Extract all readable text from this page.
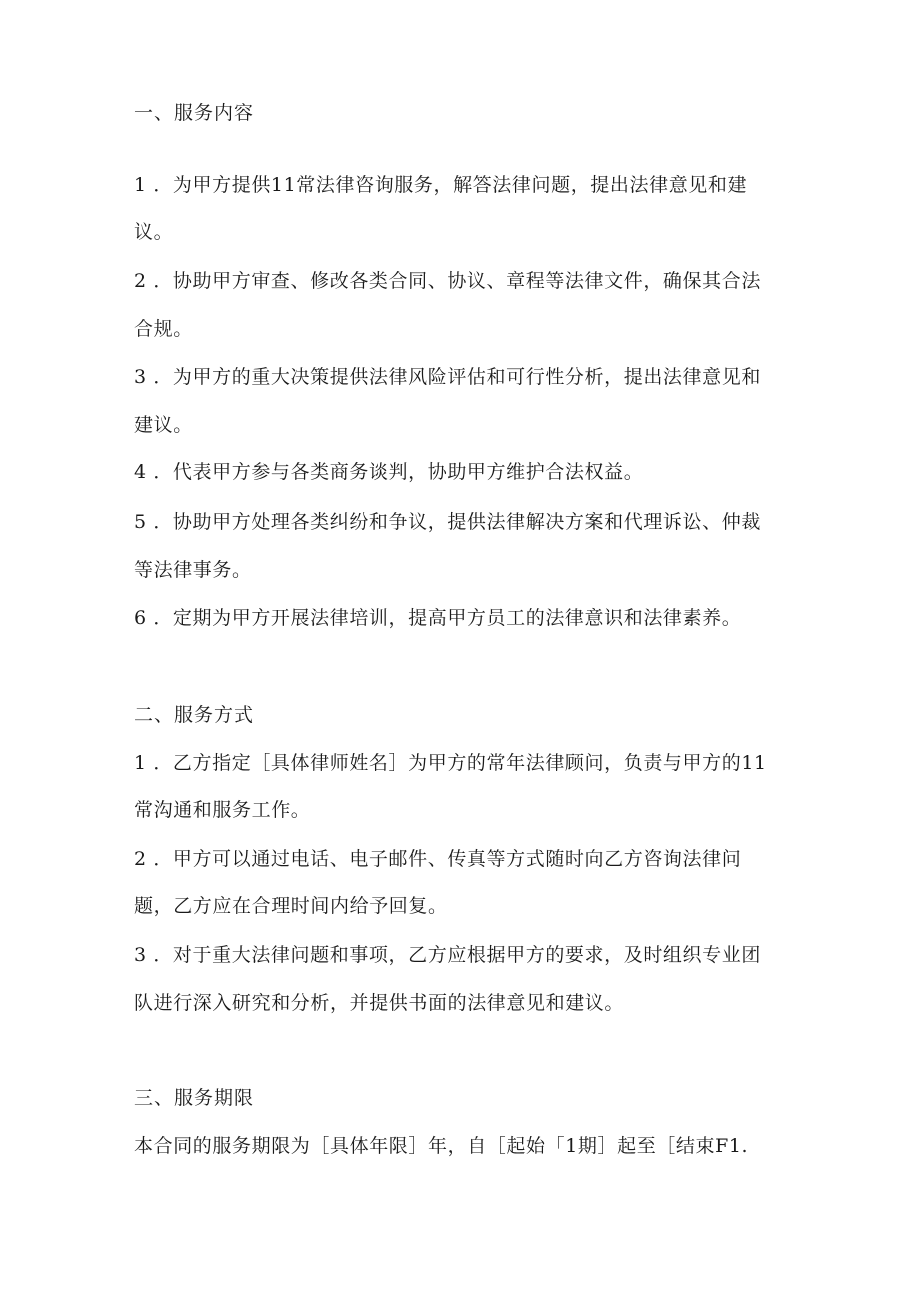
一、服务内容
1 ．为甲方提供11常法律咨询服务，解答法律问题，提出法律意见和建
议。
2 ．协助甲方审查、修改各类合同、协议、章程等法律文件，确保其合法
合规。
3 ．为甲方的重大决策提供法律风险评估和可行性分析，提出法律意见和
建议。
4 ．代表甲方参与各类商务谈判，协助甲方维护合法权益。
5 ．协助甲方处理各类纠纷和争议，提供法律解决方案和代理诉讼、仲裁
等法律事务。
6 ．定期为甲方开展法律培训，提高甲方员工的法律意识和法律素养。
二、服务方式
1 ．乙方指定［具体律师姓名］为甲方的常年法律顾问，负责与甲方的11
常沟通和服务工作。
2 ．甲方可以通过电话、电子邮件、传真等方式随时向乙方咨询法律问
题，乙方应在合理时间内给予回复。
3 ．对于重大法律问题和事项，乙方应根据甲方的要求，及时组织专业团
队进行深入研究和分析，并提供书面的法律意见和建议。
三、服务期限
本合同的服务期限为［具体年限］年，自［起始「1期］起至［结束F1.
